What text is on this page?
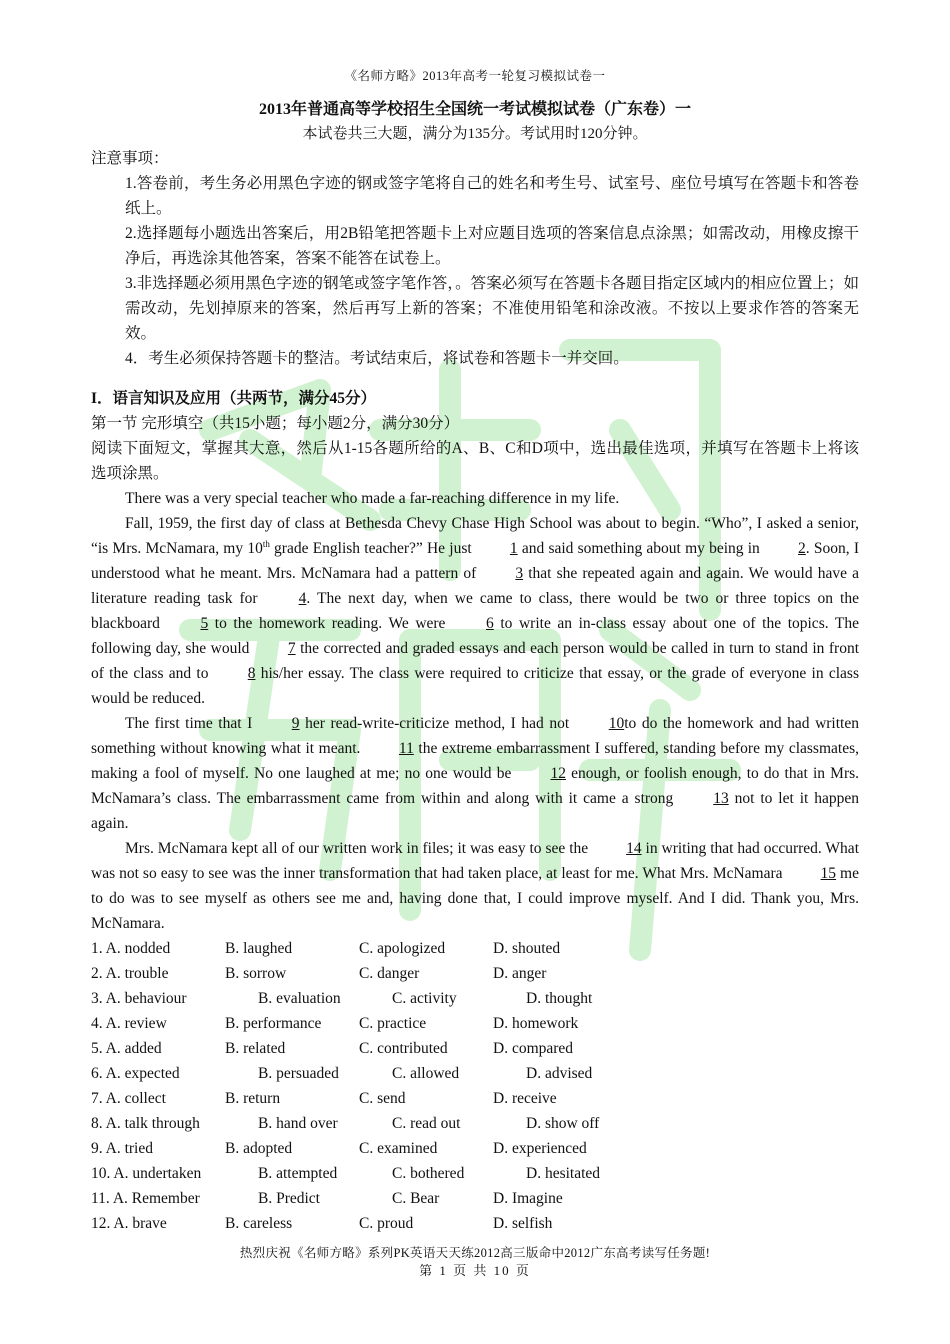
《名师方略》2013年高考一轮复习模拟试卷一
2013年普通高等学校招生全国统一考试模拟试卷（广东卷）一
本试卷共三大题，满分为135分。考试用时120分钟。

注意事项：

1.答卷前，考生务必用黑色字迹的钢或签字笔将自己的姓名和考生号、试室号、座位号填写在答题卡和答卷纸上。

2.选择题每小题选出答案后，用2B铅笔把答题卡上对应题目选项的答案信息点涂黑；如需改动，用橡皮擦干净后，再选涂其他答案，答案不能答在试卷上。

3.非选择题必须用黑色字迹的钢笔或签字笔作答，。答案必须写在答题卡各题目指定区域内的相应位置上；如需改动，先划掉原来的答案，然后再写上新的答案；不准使用铅笔和涂改液。不按以上要求作答的答案无效。

4．考生必须保持答题卡的整洁。考试结束后，将试卷和答题卡一并交回。

I．语言知识及应用（共两节，满分45分）

第一节 完形填空（共15小题；每小题2分，满分30分）

阅读下面短文，掌握其大意，然后从1-15各题所给的A、B、C和D项中，选出最佳选项，并填写在答题卡上将该选项涂黑。

There was a very special teacher who made a far-reaching difference in my life.

Fall, 1959, the first day of class at Bethesda Chevy Chase High School was about to begin. “Who”, I asked a senior, “is Mrs. McNamara, my 10th grade English teacher?” He just 1 and said something about my being in 2. Soon, I understood what he meant. Mrs. McNamara had a pattern of 3 that she repeated again and again. We would have a literature reading task for 4. The next day, when we came to class, there would be two or three topics on the blackboard 5 to the homework reading. We were 6 to write an in-class essay about one of the topics. The following day, she would 7 the corrected and graded essays and each person would be called in turn to stand in front of the class and to 8 his/her essay. The class were required to criticize that essay, or the grade of everyone in class would be reduced.

The first time that I 9 her read-write-criticize method, I had not 10to do the homework and had written something without knowing what it meant. 11 the extreme embarrassment I suffered, standing before my classmates, making a fool of myself. No one laughed at me; no one would be 12 enough, or foolish enough, to do that in Mrs. McNamara’s class. The embarrassment came from within and along with it came a strong 13 not to let it happen again.

Mrs. McNamara kept all of our written work in files; it was easy to see the 14 in writing that had occurred. What was not so easy to see was the inner transformation that had taken place, at least for me. What Mrs. McNamara 15 me to do was to see myself as others see me and, having done that, I could improve myself. And I did. Thank you, Mrs. McNamara.

1. A. nodded	B. laughed	C. apologized	D. shouted
2. A. trouble	B. sorrow	C. danger	D. anger
3. A. behaviour	B. evaluation	C. activity	D. thought
4. A. review	B. performance C. practice	D. homework
5. A. added	B. related	C. contributed	D. compared
6. A. expected	B. persuaded	C. allowed	D. advised
7. A. collect	B. return	C. send	D. receive
8. A. talk through	B. hand over	C. read out	D. show off
9. A. tried	B. adopted	C. examined	D. experienced
10. A. undertaken	B. attempted	C. bothered	D. hesitated
11. A. Remember	B. Predict	C. Bear	D. Imagine
12. A. brave	B. careless	C. proud	D. selfish
热烈庆祝《名师方略》系列PK英语天天练2012高三版命中2012广东高考读写任务题!
第 1 页 共 10 页
